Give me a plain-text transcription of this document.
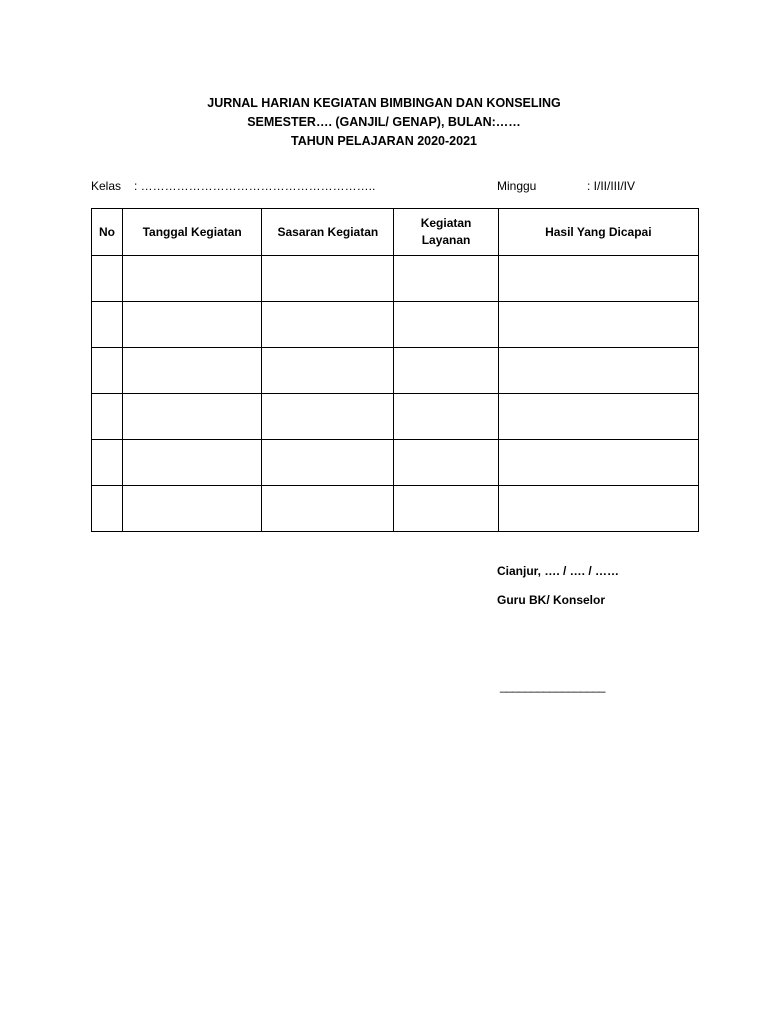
JURNAL HARIAN KEGIATAN BIMBINGAN DAN KONSELING
SEMESTER…. (GANJIL/ GENAP), BULAN:……
TAHUN PELAJARAN 2020-2021
Kelas : …………………………………………………..	Minggu	: I/II/III/IV
No	Tanggal Kegiatan	Sasaran Kegiatan	Kegiatan Layanan	Hasil Yang Dicapai

Cianjur, …. / …. / ……
Guru BK/ Konselor
_________________
